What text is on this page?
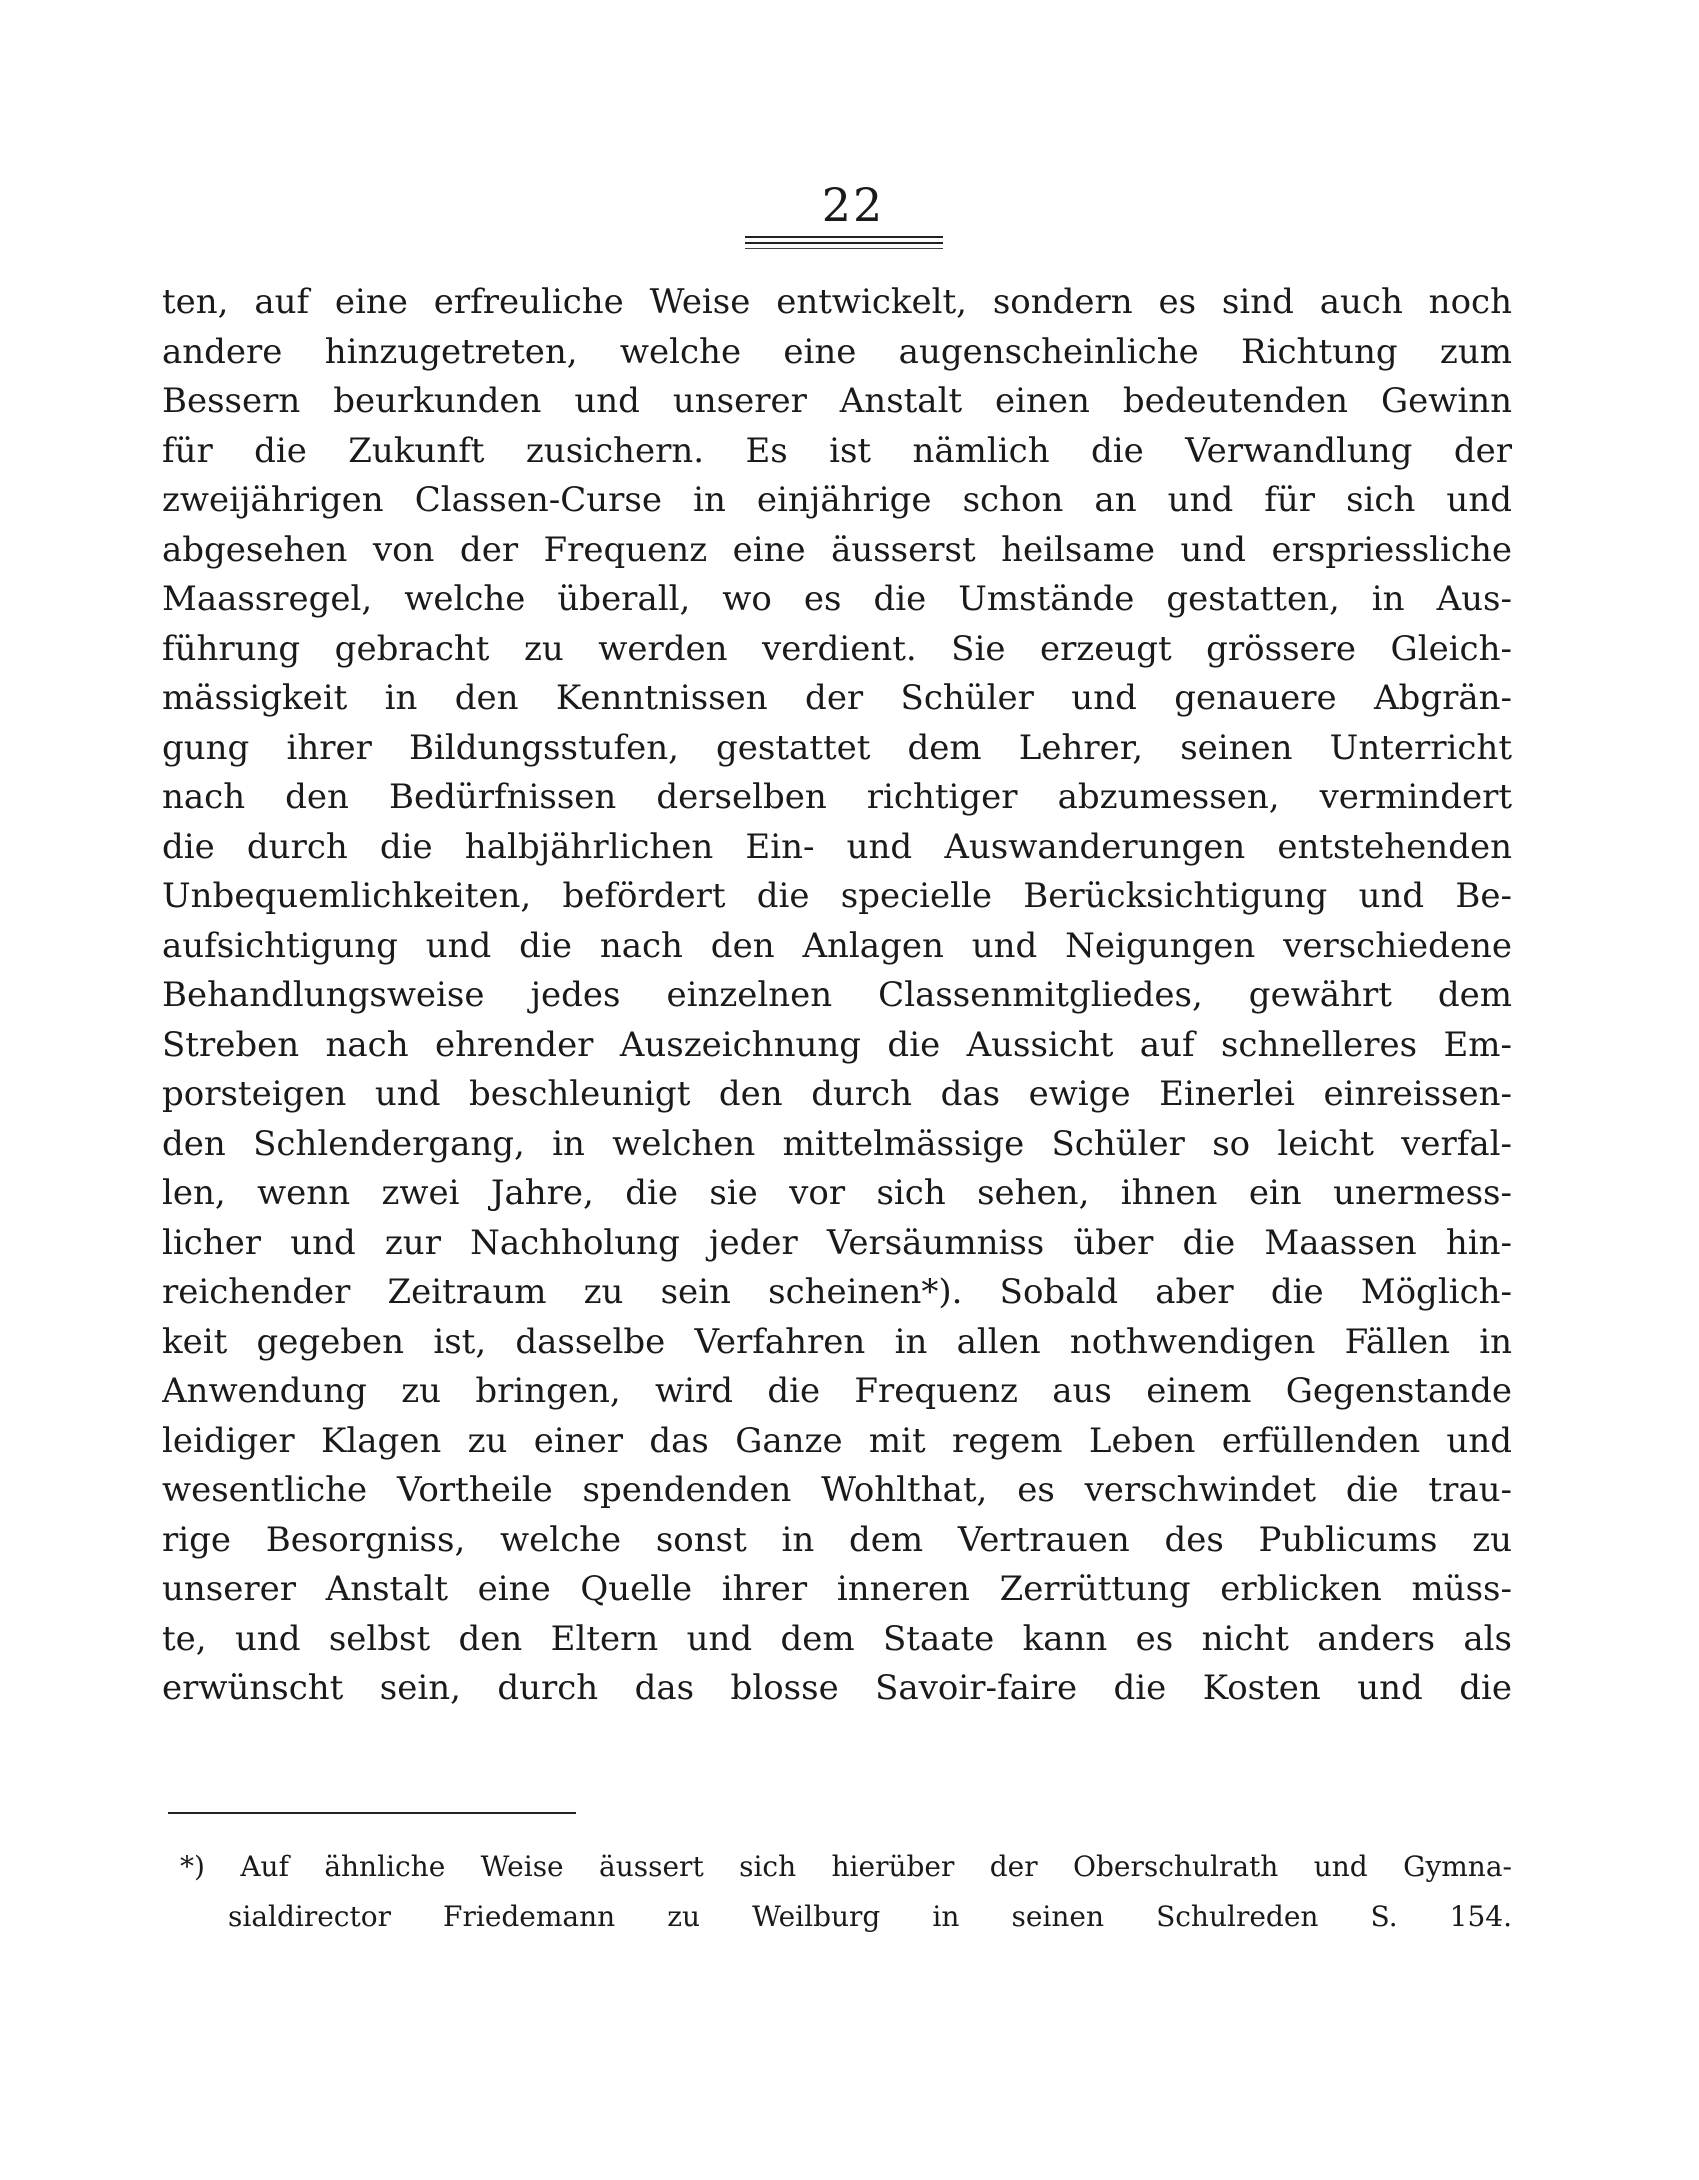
22
ten, auf eine erfreuliche Weise entwickelt, sondern es sind auch noch
andere hinzugetreten, welche eine augenscheinliche Richtung zum
Bessern beurkunden und unserer Anstalt einen bedeutenden Gewinn
für die Zukunft zusichern. Es ist nämlich die Verwandlung der
zweijährigen Classen-Curse in einjährige schon an und für sich und
abgesehen von der Frequenz eine äusserst heilsame und erspriessliche
Maassregel, welche überall, wo es die Umstände gestatten, in Aus-
führung gebracht zu werden verdient. Sie erzeugt grössere Gleich-
mässigkeit in den Kenntnissen der Schüler und genauere Abgrän-
gung ihrer Bildungsstufen, gestattet dem Lehrer, seinen Unterricht
nach den Bedürfnissen derselben richtiger abzumessen, vermindert
die durch die halbjährlichen Ein- und Auswanderungen entstehenden
Unbequemlichkeiten, befördert die specielle Berücksichtigung und Be-
aufsichtigung und die nach den Anlagen und Neigungen verschiedene
Behandlungsweise jedes einzelnen Classenmitgliedes, gewährt dem
Streben nach ehrender Auszeichnung die Aussicht auf schnelleres Em-
porsteigen und beschleunigt den durch das ewige Einerlei einreissen-
den Schlendergang, in welchen mittelmässige Schüler so leicht verfal-
len, wenn zwei Jahre, die sie vor sich sehen, ihnen ein unermess-
licher und zur Nachholung jeder Versäumniss über die Maassen hin-
reichender Zeitraum zu sein scheinen*). Sobald aber die Möglich-
keit gegeben ist, dasselbe Verfahren in allen nothwendigen Fällen in
Anwendung zu bringen, wird die Frequenz aus einem Gegenstande
leidiger Klagen zu einer das Ganze mit regem Leben erfüllenden und
wesentliche Vortheile spendenden Wohlthat, es verschwindet die trau-
rige Besorgniss, welche sonst in dem Vertrauen des Publicums zu
unserer Anstalt eine Quelle ihrer inneren Zerrüttung erblicken müss-
te, und selbst den Eltern und dem Staate kann es nicht anders als
erwünscht sein, durch das blosse Savoir-faire die Kosten und die
*) Auf ähnliche Weise äussert sich hierüber der Oberschulrath und Gymna-
sialdirector Friedemann zu Weilburg in seinen Schulreden S. 154.
